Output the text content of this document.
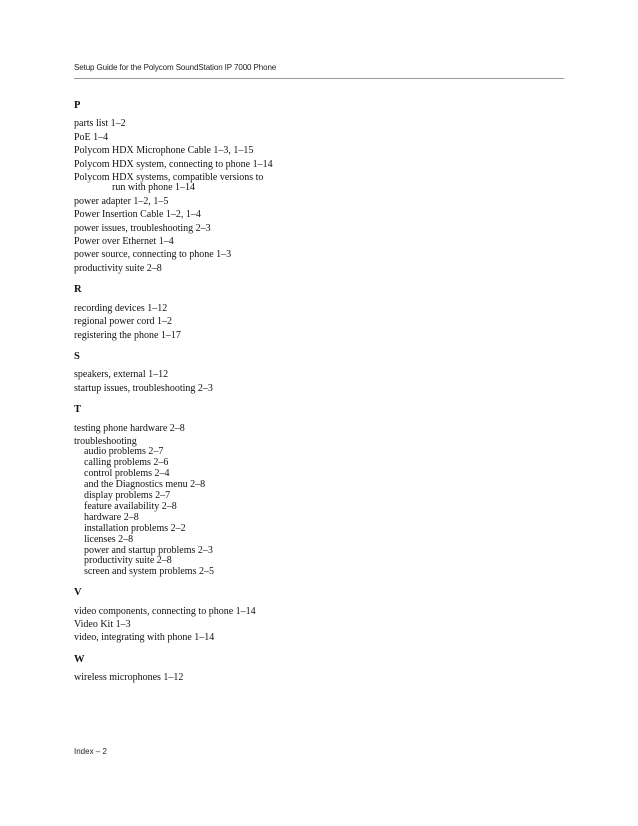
Setup Guide for the Polycom SoundStation IP 7000 Phone
P
parts list 1–2
PoE 1–4
Polycom HDX Microphone Cable 1–3, 1–15
Polycom HDX system, connecting to phone 1–14
Polycom HDX systems, compatible versions to
run with phone 1–14
power adapter 1–2, 1–5
Power Insertion Cable 1–2, 1–4
power issues, troubleshooting 2–3
Power over Ethernet 1–4
power source, connecting to phone 1–3
productivity suite 2–8
R
recording devices 1–12
regional power cord 1–2
registering the phone 1–17
S
speakers, external 1–12
startup issues, troubleshooting 2–3
T
testing phone hardware 2–8
troubleshooting
audio problems 2–7
calling problems 2–6
control problems 2–4
and the Diagnostics menu 2–8
display problems 2–7
feature availability 2–8
hardware 2–8
installation problems 2–2
licenses 2–8
power and startup problems 2–3
productivity suite 2–8
screen and system problems 2–5
V
video components, connecting to phone 1–14
Video Kit 1–3
video, integrating with phone 1–14
W
wireless microphones 1–12
Index – 2
